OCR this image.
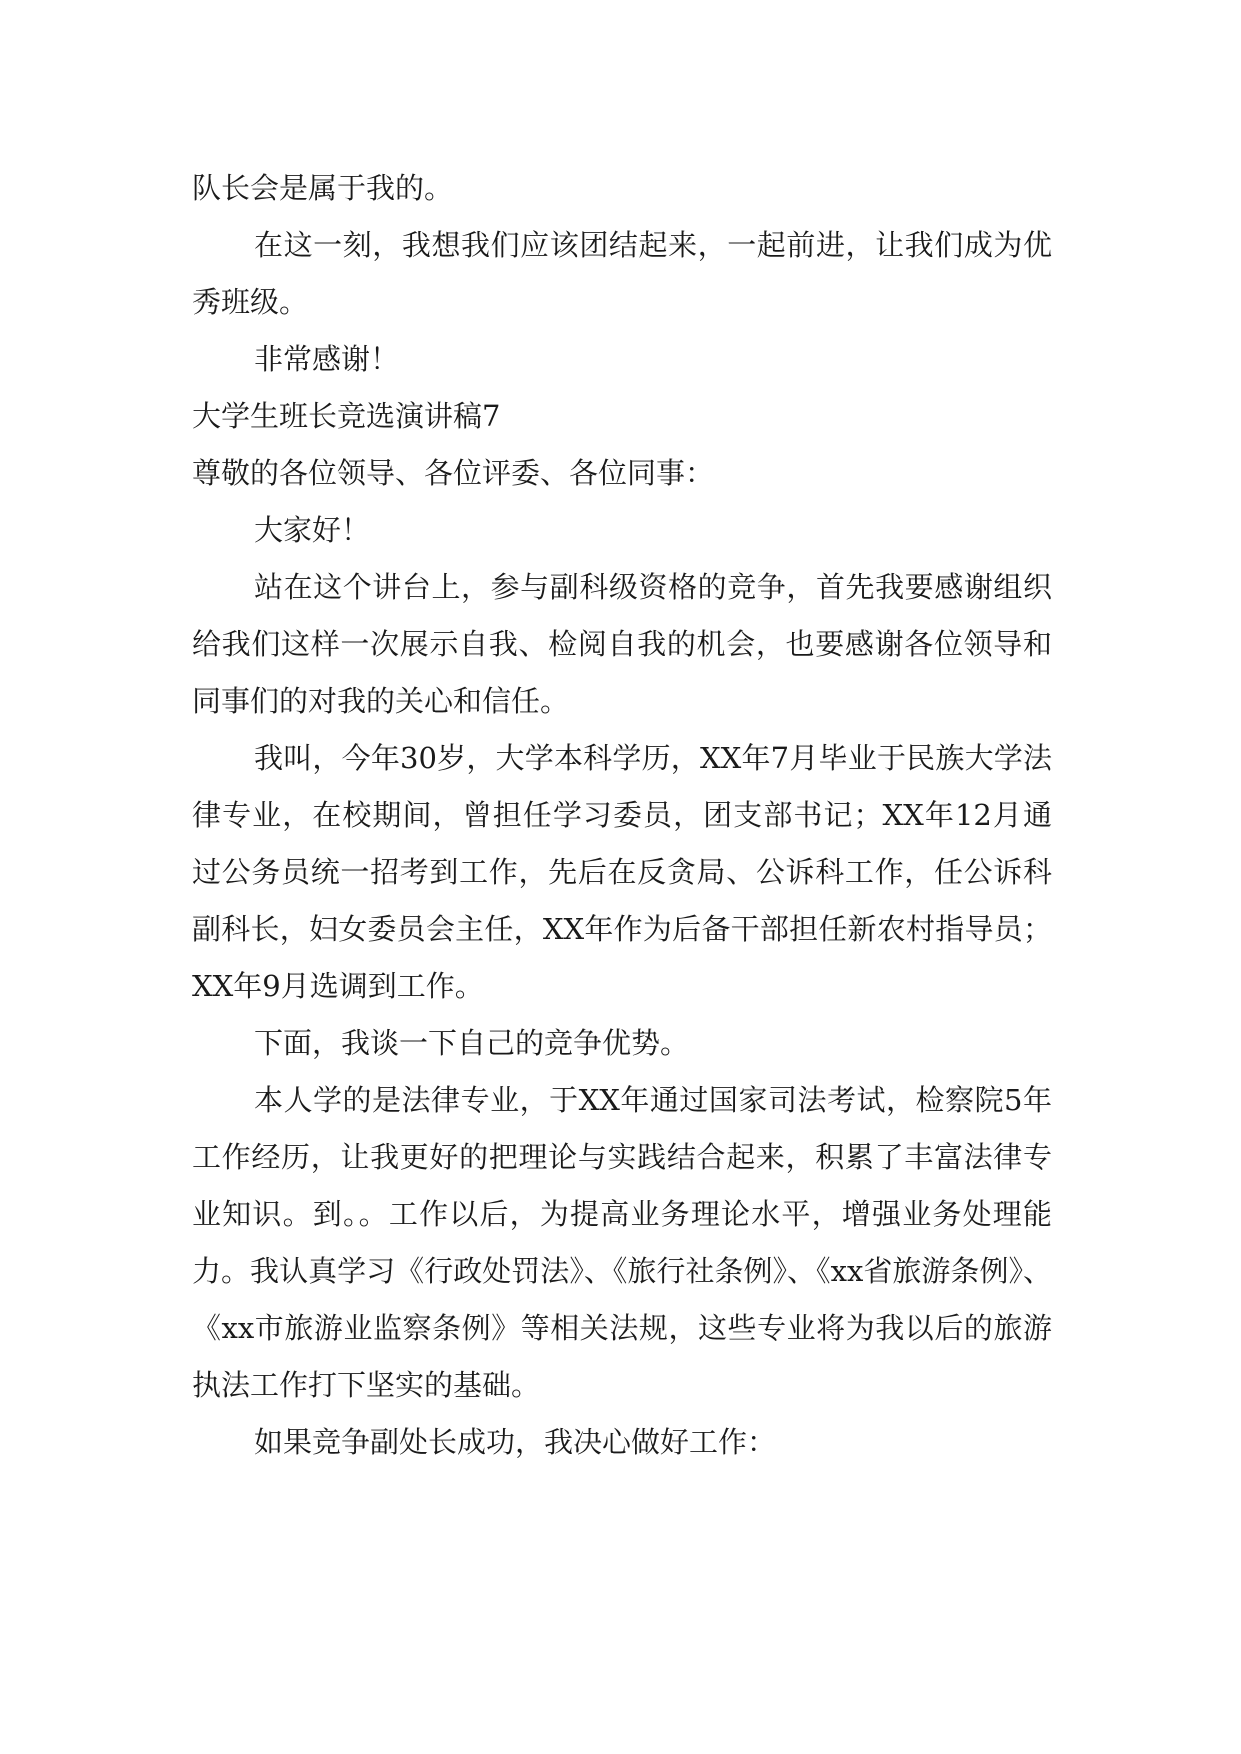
队长会是属于我的。

在这一刻，我想我们应该团结起来，一起前进，让我们成为优秀班级。

非常感谢！

大学生班长竞选演讲稿7

尊敬的各位领导、各位评委、各位同事：

大家好！

站在这个讲台上，参与副科级资格的竞争，首先我要感谢组织给我们这样一次展示自我、检阅自我的机会，也要感谢各位领导和同事们的对我的关心和信任。

我叫，今年30岁，大学本科学历，XX年7月毕业于民族大学法律专业，在校期间，曾担任学习委员，团支部书记；XX年12月通过公务员统一招考到工作，先后在反贪局、公诉科工作，任公诉科副科长，妇女委员会主任，XX年作为后备干部担任新农村指导员；XX年9月选调到工作。

下面，我谈一下自己的竞争优势。

本人学的是法律专业，于XX年通过国家司法考试，检察院5年工作经历，让我更好的把理论与实践结合起来，积累了丰富法律专业知识。到。。工作以后，为提高业务理论水平，增强业务处理能力。我认真学习《行政处罚法》、《旅行社条例》、《xx省旅游条例》、《xx市旅游业监察条例》等相关法规，这些专业将为我以后的旅游执法工作打下坚实的基础。

如果竞争副处长成功，我决心做好工作：
